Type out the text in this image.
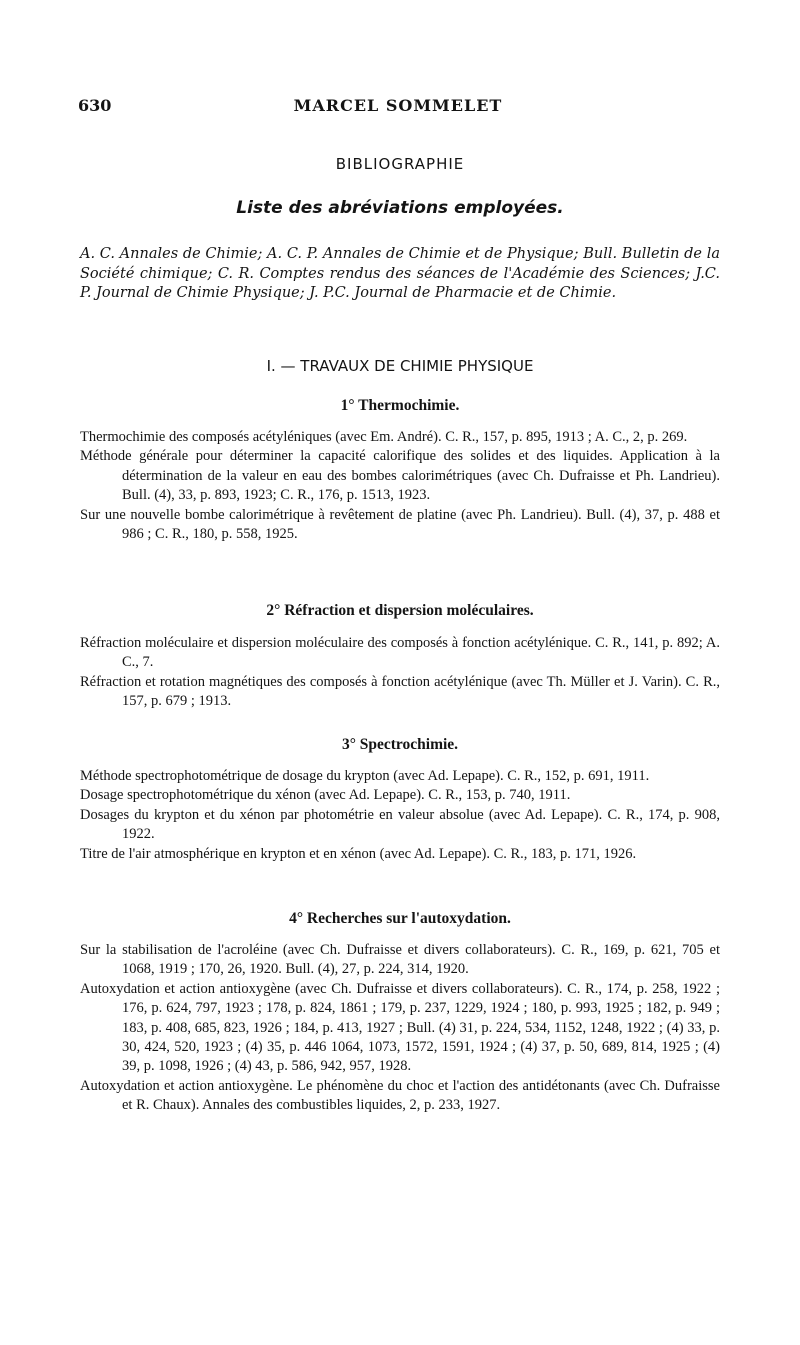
630	MARCEL SOMMELET
BIBLIOGRAPHIE
Liste des abréviations employées.

A. C. Annales de Chimie; A. C. P. Annales de Chimie et de Physique; Bull. Bulletin de la Société chimique; C. R. Comptes rendus des séances de l'Académie des Sciences; J.C. P. Journal de Chimie Physique; J. P.C. Journal de Pharmacie et de Chimie.

I. — TRAVAUX DE CHIMIE PHYSIQUE
1° Thermochimie.

Thermochimie des composés acétyléniques (avec Em. André). C. R., 157, p. 895, 1913 ; A. C., 2, p. 269.

Méthode générale pour déterminer la capacité calorifique des solides et des liquides. Application à la détermination de la valeur en eau des bombes calorimétriques (avec Ch. Dufraisse et Ph. Landrieu). Bull. (4), 33, p. 893, 1923; C. R., 176, p. 1513, 1923.

Sur une nouvelle bombe calorimétrique à revêtement de platine (avec Ph. Landrieu). Bull. (4), 37, p. 488 et 986 ; C. R., 180, p. 558, 1925.

2° Réfraction et dispersion moléculaires.

Réfraction moléculaire et dispersion moléculaire des composés à fonction acétylénique. C. R., 141, p. 892; A. C., 7.

Réfraction et rotation magnétiques des composés à fonction acétylénique (avec Th. Müller et J. Varin). C. R., 157, p. 679 ; 1913.

3° Spectrochimie.

Méthode spectrophotométrique de dosage du krypton (avec Ad. Lepape). C. R., 152, p. 691, 1911.

Dosage spectrophotométrique du xénon (avec Ad. Lepape). C. R., 153, p. 740, 1911.

Dosages du krypton et du xénon par photométrie en valeur absolue (avec Ad. Lepape). C. R., 174, p. 908, 1922.

Titre de l'air atmosphérique en krypton et en xénon (avec Ad. Lepape). C. R., 183, p. 171, 1926.

4° Recherches sur l'autoxydation.

Sur la stabilisation de l'acroléine (avec Ch. Dufraisse et divers collaborateurs). C. R., 169, p. 621, 705 et 1068, 1919 ; 170, 26, 1920. Bull. (4), 27, p. 224, 314, 1920.

Autoxydation et action antioxygène (avec Ch. Dufraisse et divers collaborateurs). C. R., 174, p. 258, 1922 ; 176, p. 624, 797, 1923 ; 178, p. 824, 1861 ; 179, p. 237, 1229, 1924 ; 180, p. 993, 1925 ; 182, p. 949 ; 183, p. 408, 685, 823, 1926 ; 184, p. 413, 1927 ; Bull. (4) 31, p. 224, 534, 1152, 1248, 1922 ; (4) 33, p. 30, 424, 520, 1923 ; (4) 35, p. 446 1064, 1073, 1572, 1591, 1924 ; (4) 37, p. 50, 689, 814, 1925 ; (4) 39, p. 1098, 1926 ; (4) 43, p. 586, 942, 957, 1928.

Autoxydation et action antioxygène. Le phénomène du choc et l'action des antidétonants (avec Ch. Dufraisse et R. Chaux). Annales des combustibles liquides, 2, p. 233, 1927.
